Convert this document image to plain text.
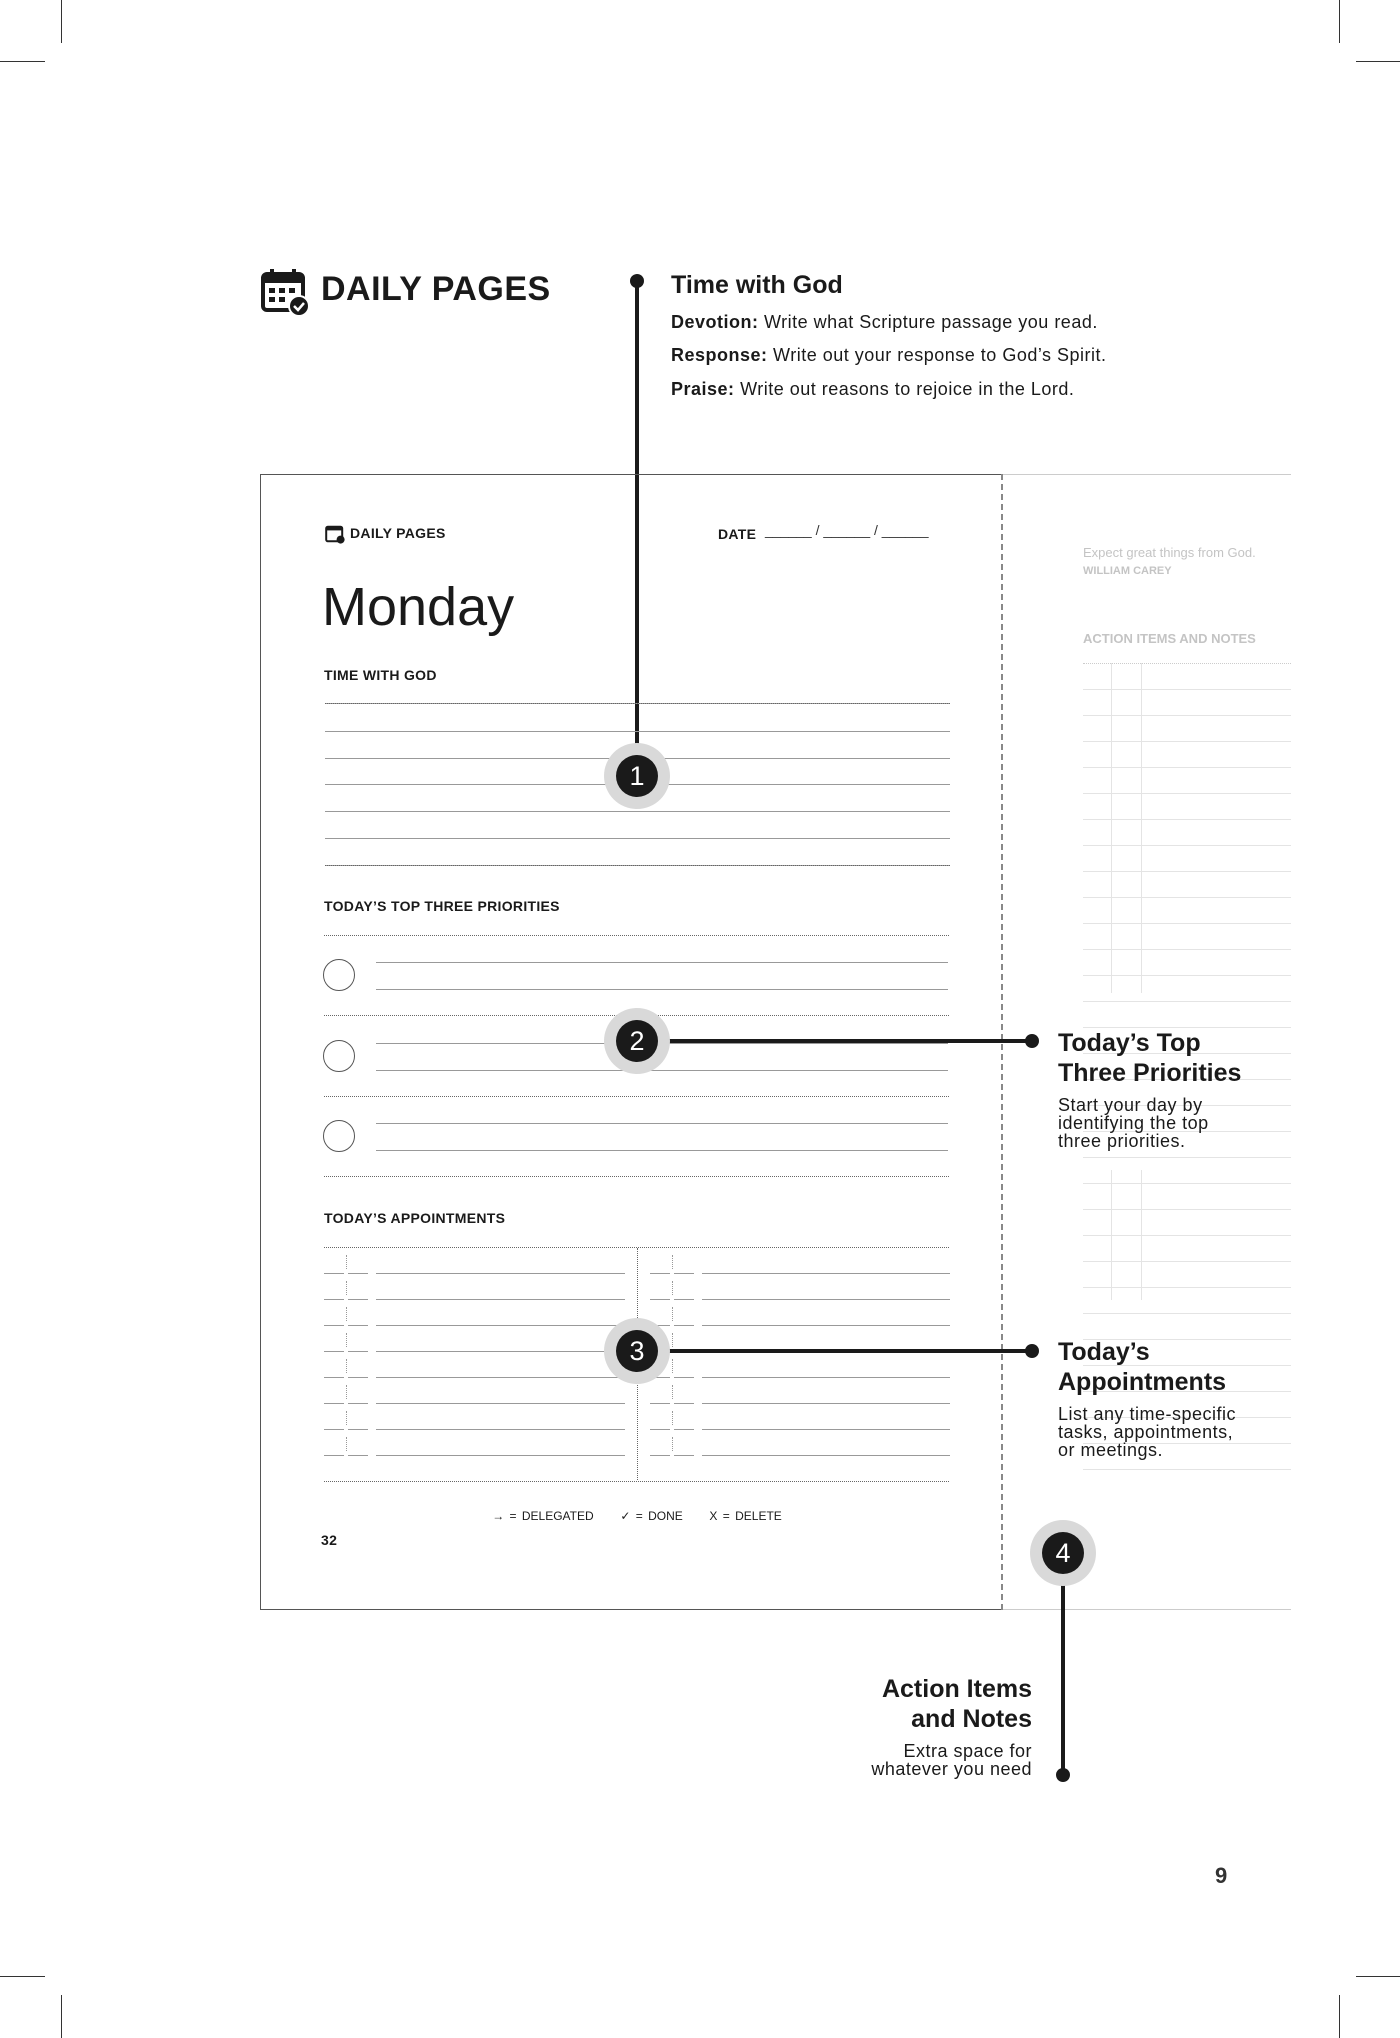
DAILY PAGES	Time with God
Devotion: Write what Scripture passage you read.
Response: Write out your response to God’s Spirit.
Praise: Write out reasons to rejoice in the Lord.
DAILY PAGES	DATE ______ / ______ / ______
Monday
TIME WITH GOD
TODAY’S TOP THREE PRIORITIES
TODAY’S APPOINTMENTS
→ = DELEGATED ✓ = DONE X = DELETE
32
Expect great things from God.
WILLIAM CAREY
ACTION ITEMS AND NOTES
1
2	Today’s Top
Three Priorities
Start your day by
identifying the top
three priorities.
3	Today’s
Appointments
List any time-specific
tasks, appointments,
or meetings.
4
Action Items
and Notes
Extra space for
whatever you need
9
